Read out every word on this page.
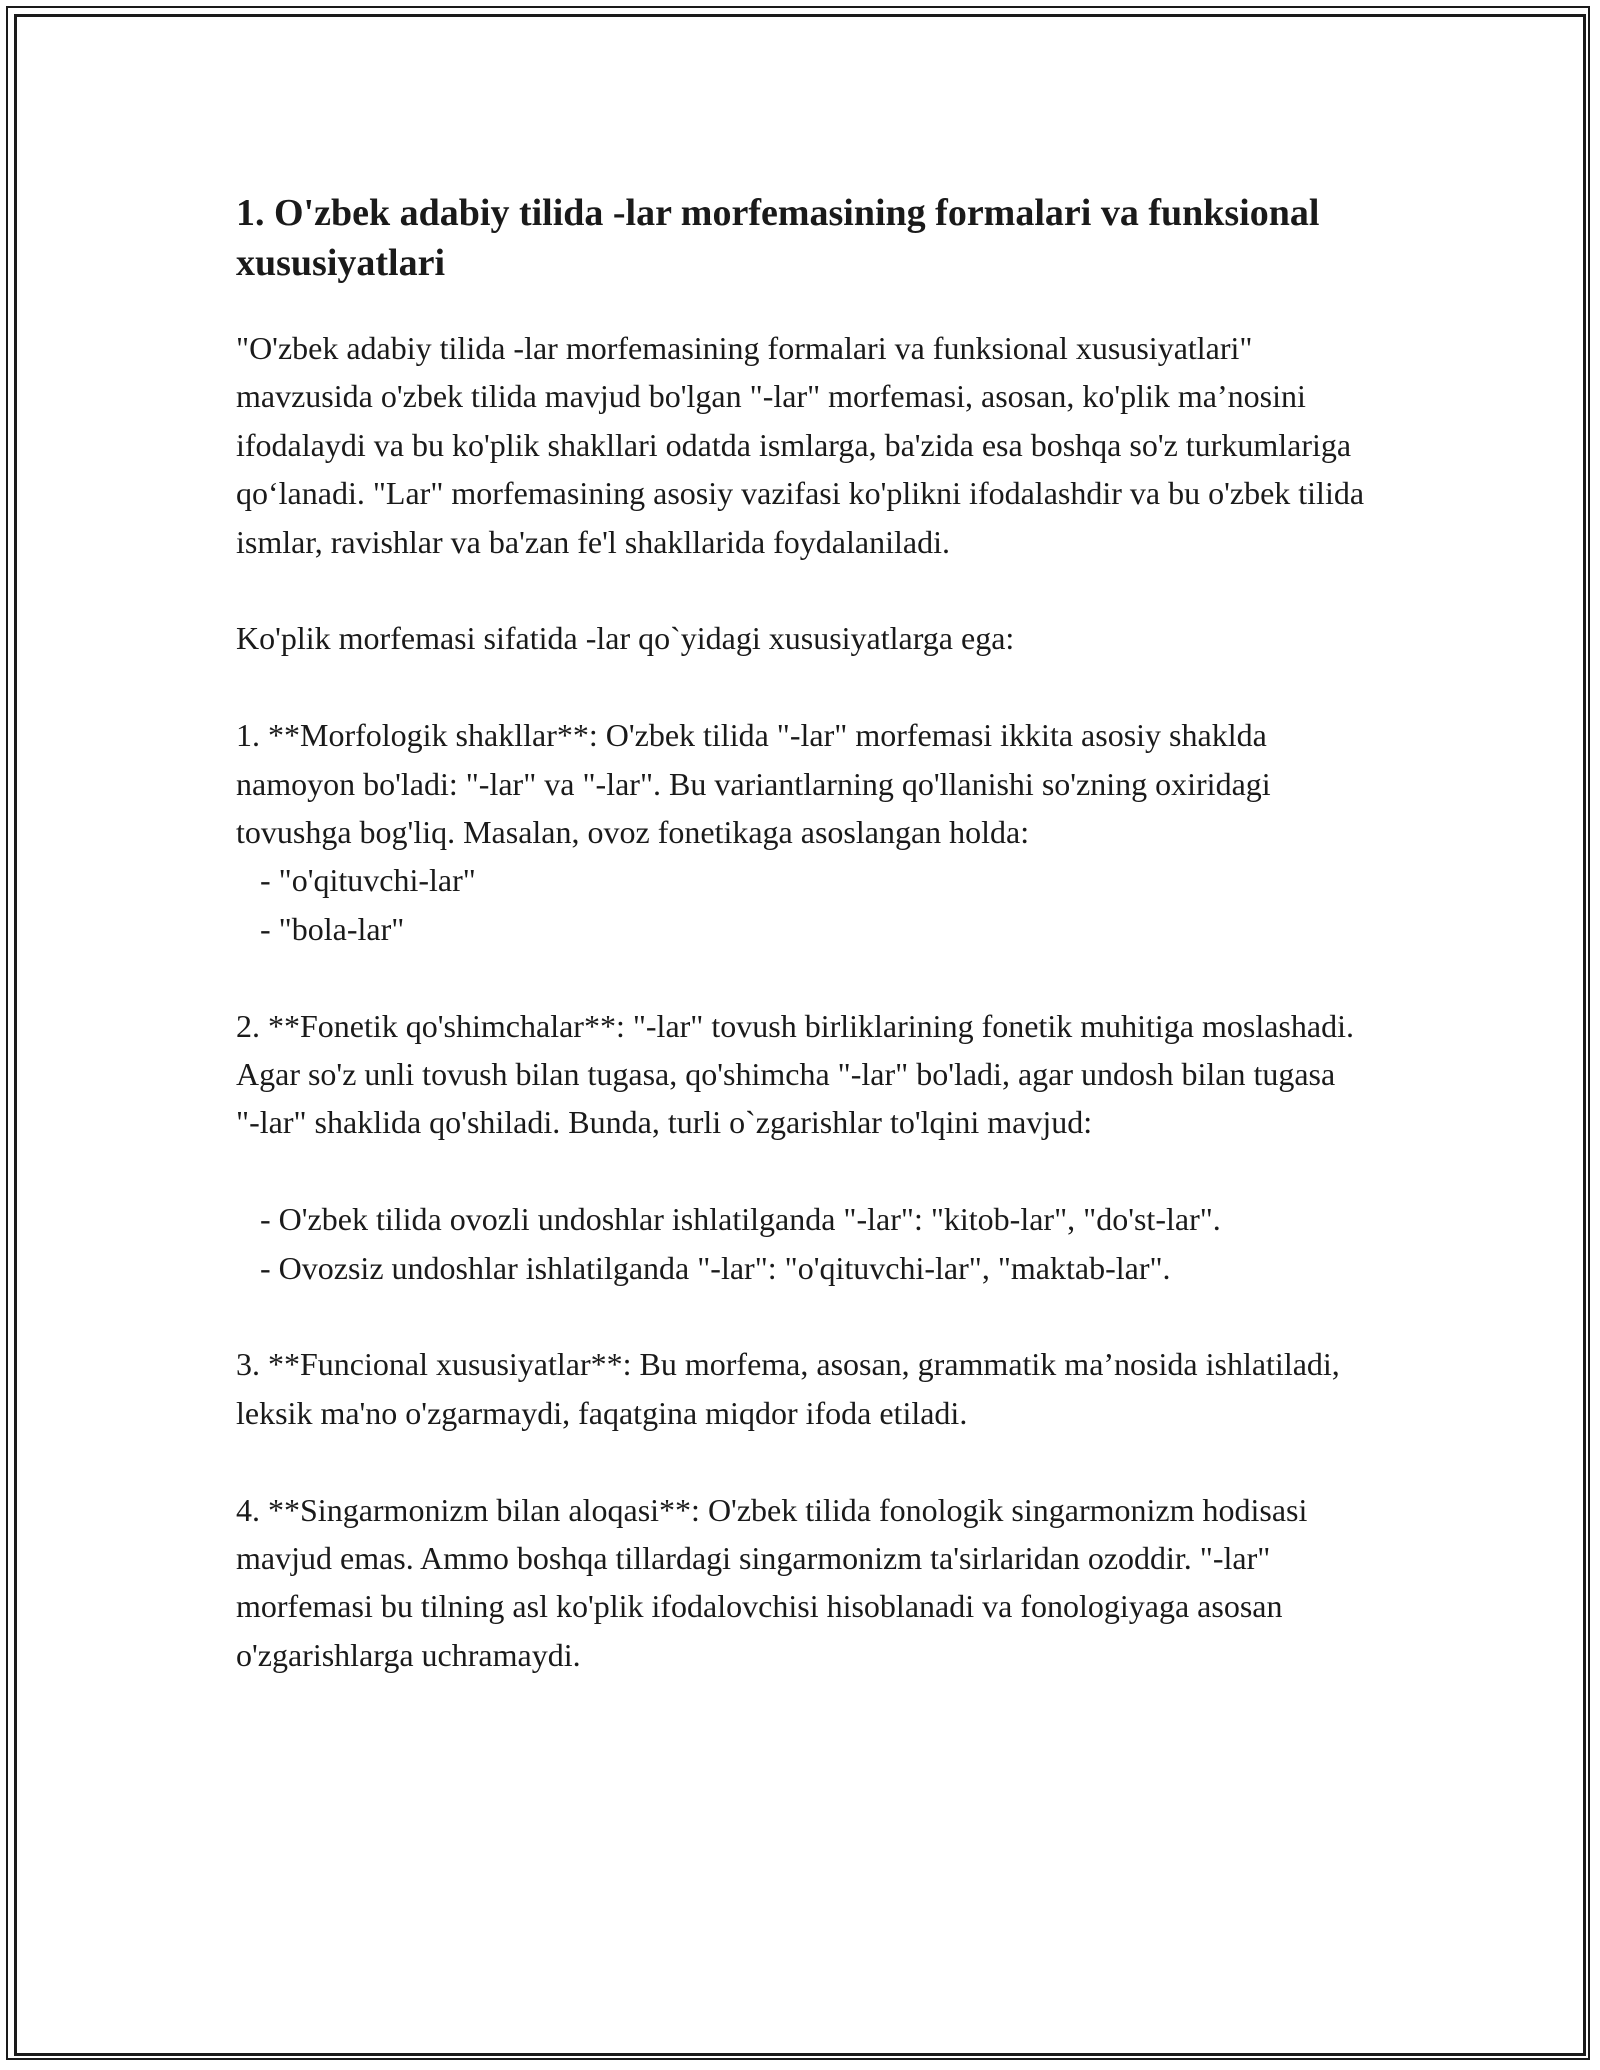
1. O'zbek adabiy tilida -lar morfemasining formalari va funksional xususiyatlari

"O'zbek adabiy tilida -lar morfemasining formalari va funksional xususiyatlari" mavzusida o'zbek tilida mavjud bo'lgan "-lar" morfemasi, asosan, ko'plik ma’nosini ifodalaydi va bu ko'plik shakllari odatda ismlarga, ba'zida esa boshqa so'z turkumlariga qo‘lanadi. "Lar" morfemasining asosiy vazifasi ko'plikni ifodalashdir va bu o'zbek tilida ismlar, ravishlar va ba'zan fe'l shakllarida foydalaniladi.

Ko'plik morfemasi sifatida -lar qo`yidagi xususiyatlarga ega:

1. **Morfologik shakllar**: O'zbek tilida "-lar" morfemasi ikkita asosiy shaklda namoyon bo'ladi: "-lar" va "-lar". Bu variantlarning qo'llanishi so'zning oxiridagi tovushga bog'liq. Masalan, ovoz fonetikaga asoslangan holda:

- "o'qituvchi-lar"

- "bola-lar"

2. **Fonetik qo'shimchalar**: "-lar" tovush birliklarining fonetik muhitiga moslashadi. Agar so'z unli tovush bilan tugasa, qo'shimcha "-lar" bo'ladi, agar undosh bilan tugasa "-lar" shaklida qo'shiladi. Bunda, turli o`zgarishlar to'lqini mavjud:

- O'zbek tilida ovozli undoshlar ishlatilganda "-lar": "kitob-lar", "do'st-lar".

- Ovozsiz undoshlar ishlatilganda "-lar": "o'qituvchi-lar", "maktab-lar".

3. **Funcional xususiyatlar**: Bu morfema, asosan, grammatik ma’nosida ishlatiladi, leksik ma'no o'zgarmaydi, faqatgina miqdor ifoda etiladi.

4. **Singarmonizm bilan aloqasi**: O'zbek tilida fonologik singarmonizm hodisasi mavjud emas. Ammo boshqa tillardagi singarmonizm ta'sirlaridan ozoddir. "-lar" morfemasi bu tilning asl ko'plik ifodalovchisi hisoblanadi va fonologiyaga asosan o'zgarishlarga uchramaydi.
